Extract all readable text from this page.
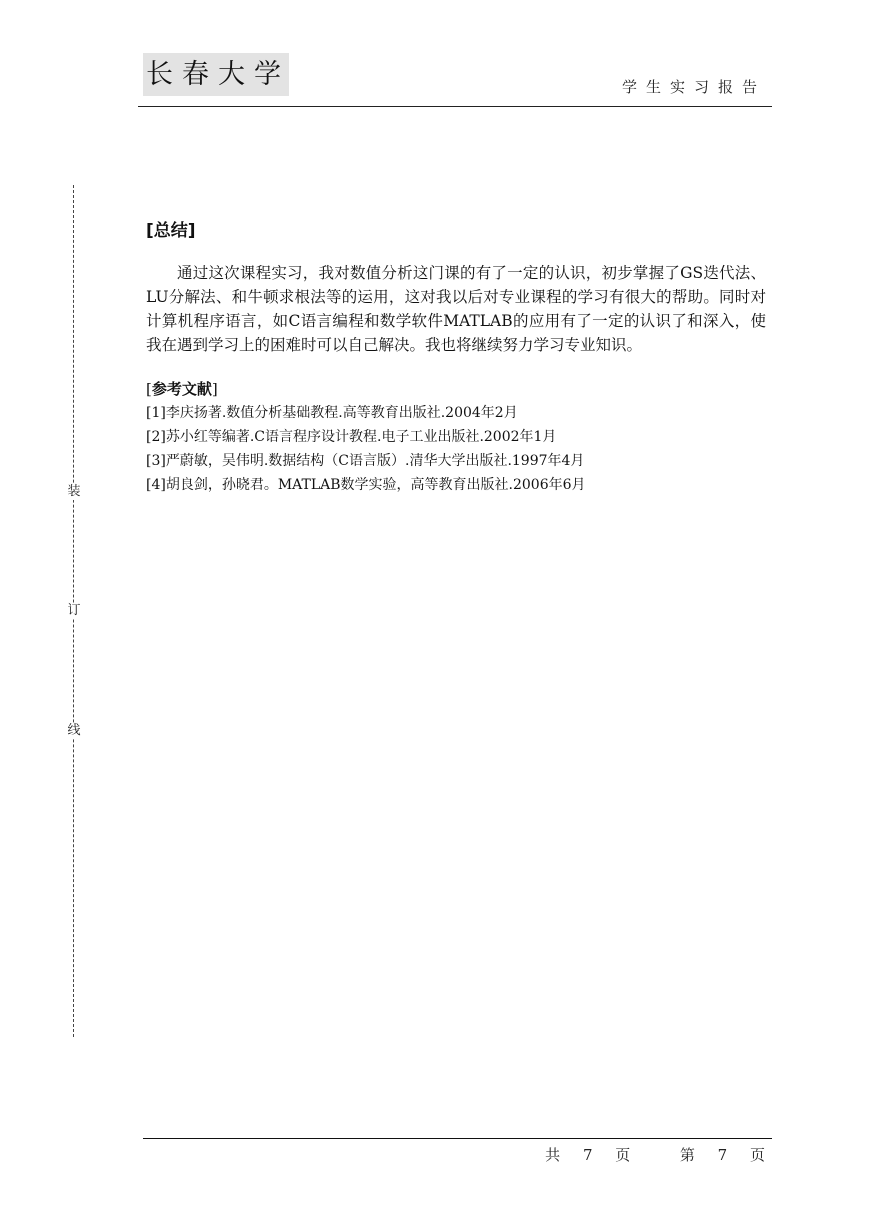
长春大学	学生实习报告
装
订
线
[总结]

通过这次课程实习，我对数值分析这门课的有了一定的认识，初步掌握了GS迭代法、LU分解法、和牛顿求根法等的运用，这对我以后对专业课程的学习有很大的帮助。同时对计算机程序语言，如C语言编程和数学软件MATLAB的应用有了一定的认识了和深入，使我在遇到学习上的困难时可以自己解决。我也将继续努力学习专业知识。

[参考文献]
[1]李庆扬著.数值分析基础教程.高等教育出版社.2004年2月
[2]苏小红等编著.C语言程序设计教程.电子工业出版社.2002年1月
[3]严蔚敏，吴伟明.数据结构（C语言版）.清华大学出版社.1997年4月
[4]胡良剑，孙晓君。MATLAB数学实验，高等教育出版社.2006年6月
共 7 页	第 7 页
